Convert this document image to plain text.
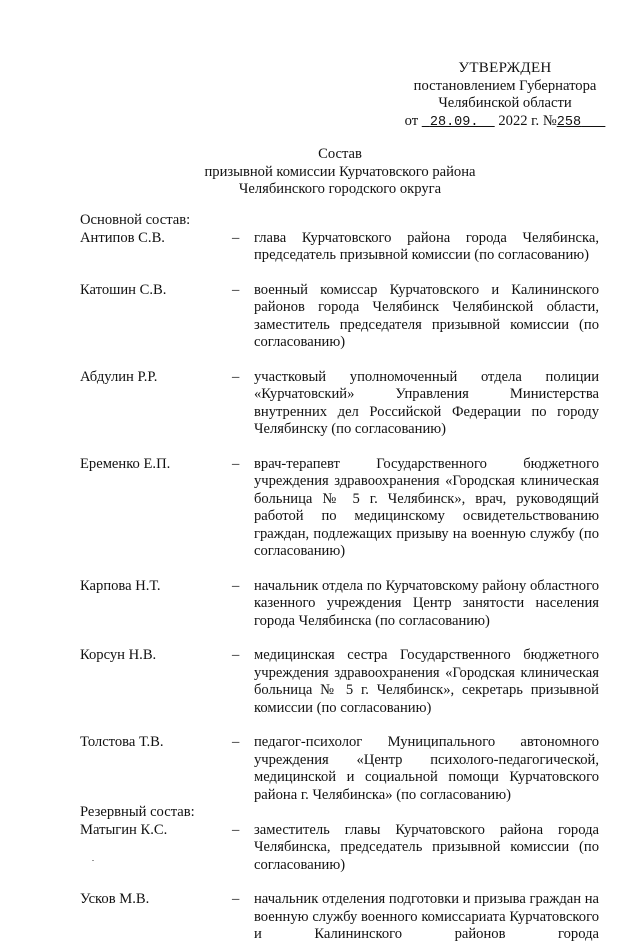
УТВЕРЖДЕН
постановлением Губернатора
Челябинской области
от 28.09. 2022 г. №258
Состав
призывной комиссии Курчатовского района
Челябинского городского округа
Основной состав:
Антипов С.В.	–	глава Курчатовского района города Челябинска, председатель призывной комиссии (по согласованию)
Катошин С.В.	–	военный комиссар Курчатовского и Калининского районов города Челябинск Челябинской области, заместитель председателя призывной комиссии (по согласованию)
Абдулин Р.Р.	–	участковый уполномоченный отдела полиции «Курчатовский» Управления Министерства внутренних дел Российской Федерации по городу Челябинску (по согласованию)
Еременко Е.П.	–	врач-терапевт Государственного бюджетного учреждения здравоохранения «Городская клиническая больница № 5 г. Челябинск», врач, руководящий работой по медицинскому освидетельствованию граждан, подлежащих призыву на военную службу (по согласованию)
Карпова Н.Т.	–	начальник отдела по Курчатовскому району областного казенного учреждения Центр занятости населения города Челябинска (по согласованию)
Корсун Н.В.	–	медицинская сестра Государственного бюджетного учреждения здравоохранения «Городская клиническая больница № 5 г. Челябинск», секретарь призывной комиссии (по согласованию)
Толстова Т.В.	–	педагог-психолог Муниципального автономного учреждения «Центр психолого-педагогической, медицинской и социальной помощи Курчатовского района г. Челябинска» (по согласованию)
Резервный состав:
Матыгин К.С.	–	заместитель главы Курчатовского района города Челябинска, председатель призывной комиссии (по согласованию)
Усков М.В.	–	начальник отделения подготовки и призыва граждан на военную службу военного комиссариата Курчатовского и Калининского районов города
